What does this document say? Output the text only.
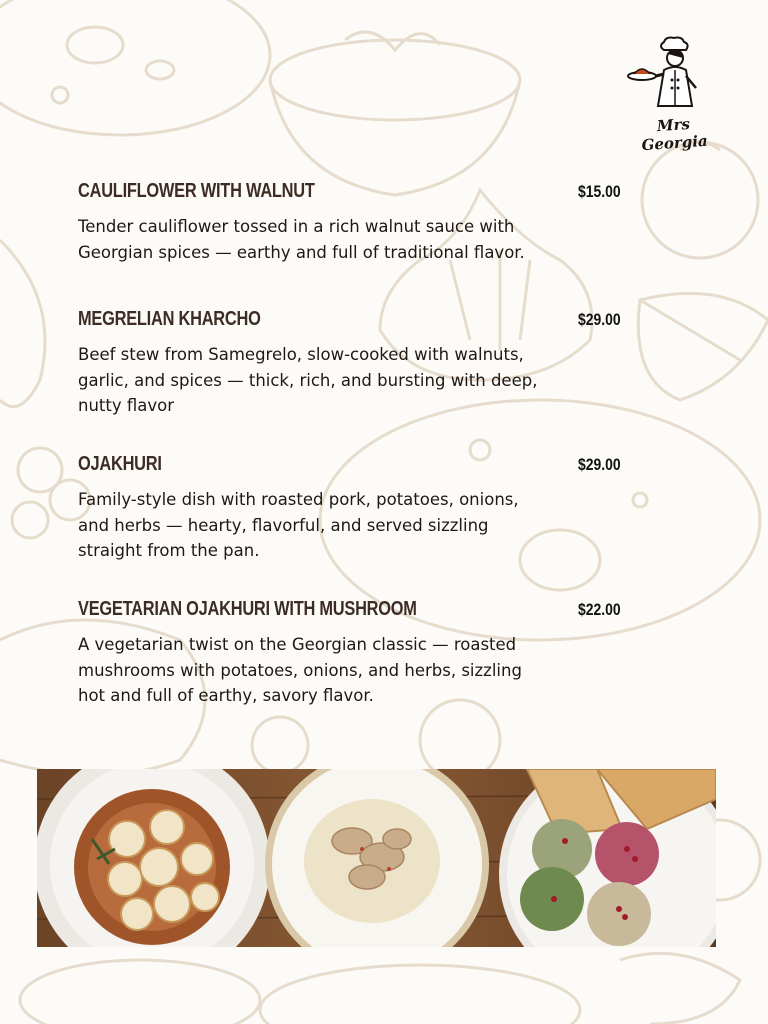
Mrs Georgia
CAULIFLOWER WITH WALNUT	$15.00
Tender cauliflower tossed in a rich walnut sauce with Georgian spices — earthy and full of traditional flavor.
MEGRELIAN KHARCHO	$29.00
Beef stew from Samegrelo, slow-cooked with walnuts, garlic, and spices — thick, rich, and bursting with deep, nutty flavor
OJAKHURI	$29.00
Family-style dish with roasted pork, potatoes, onions, and herbs — hearty, flavorful, and served sizzling straight from the pan.
VEGETARIAN OJAKHURI WITH MUSHROOM	$22.00
A vegetarian twist on the Georgian classic — roasted mushrooms with potatoes, onions, and herbs, sizzling hot and full of earthy, savory flavor.
